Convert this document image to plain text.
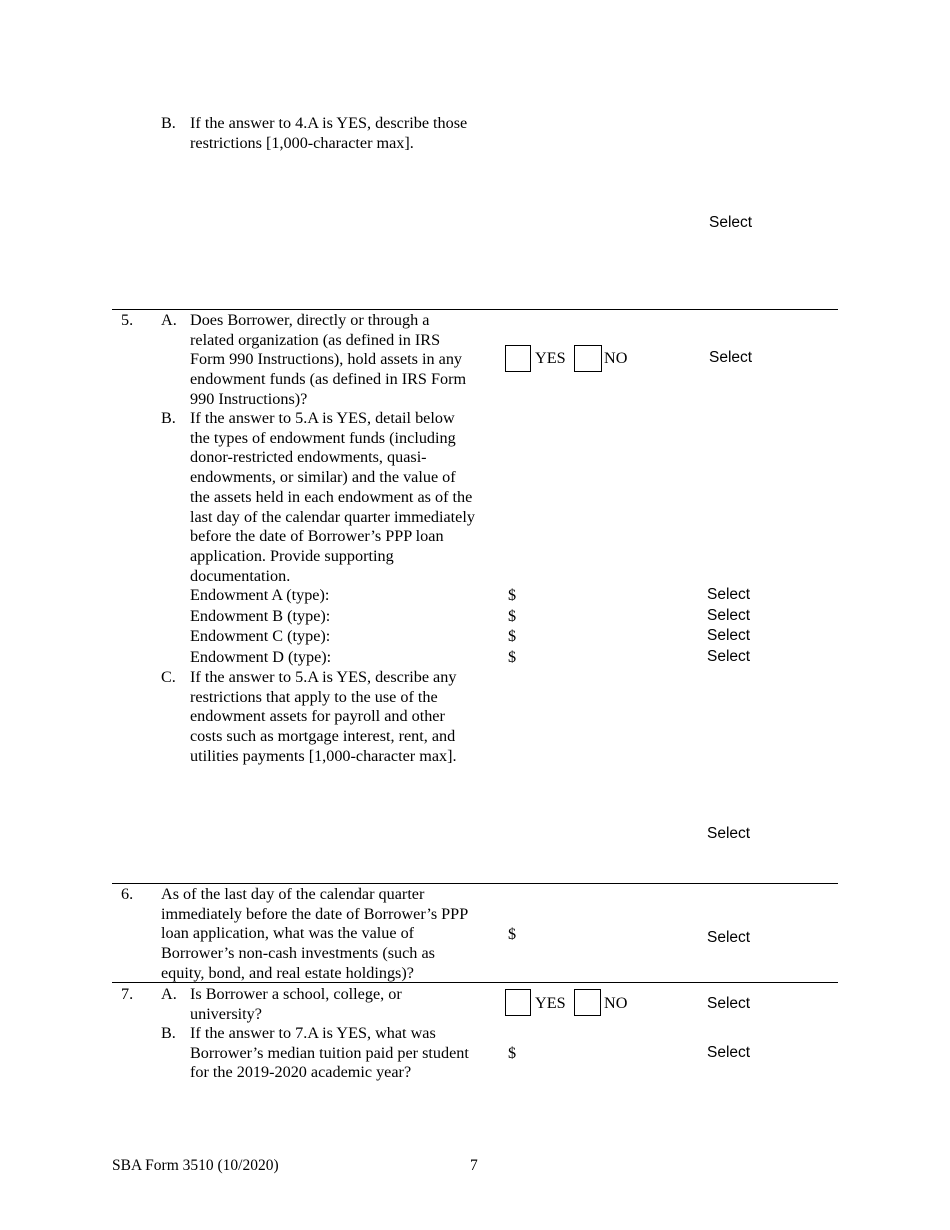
B. If the answer to 4.A is YES, describe those
restrictions [1,000-character max].
Select
5. A. Does Borrower, directly or through a
related organization (as defined in IRS
Form 990 Instructions), hold assets in any
endowment funds (as defined in IRS Form
990 Instructions)?
YES NO	Select
B. If the answer to 5.A is YES, detail below
the types of endowment funds (including
donor-restricted endowments, quasi-
endowments, or similar) and the value of
the assets held in each endowment as of the
last day of the calendar quarter immediately
before the date of Borrower’s PPP loan
application. Provide supporting
documentation.
Endowment A (type):	$	Select
Endowment B (type):	$	Select
Endowment C (type):	$	Select
Endowment D (type):	$	Select
C. If the answer to 5.A is YES, describe any
restrictions that apply to the use of the
endowment assets for payroll and other
costs such as mortgage interest, rent, and
utilities payments [1,000-character max].
Select
6. As of the last day of the calendar quarter
immediately before the date of Borrower’s PPP
loan application, what was the value of
Borrower’s non-cash investments (such as
equity, bond, and real estate holdings)?
$	Select
7. A. Is Borrower a school, college, or
university?
YES NO	Select
B. If the answer to 7.A is YES, what was
Borrower’s median tuition paid per student
for the 2019-2020 academic year?
$	Select
SBA Form 3510 (10/2020)	7
